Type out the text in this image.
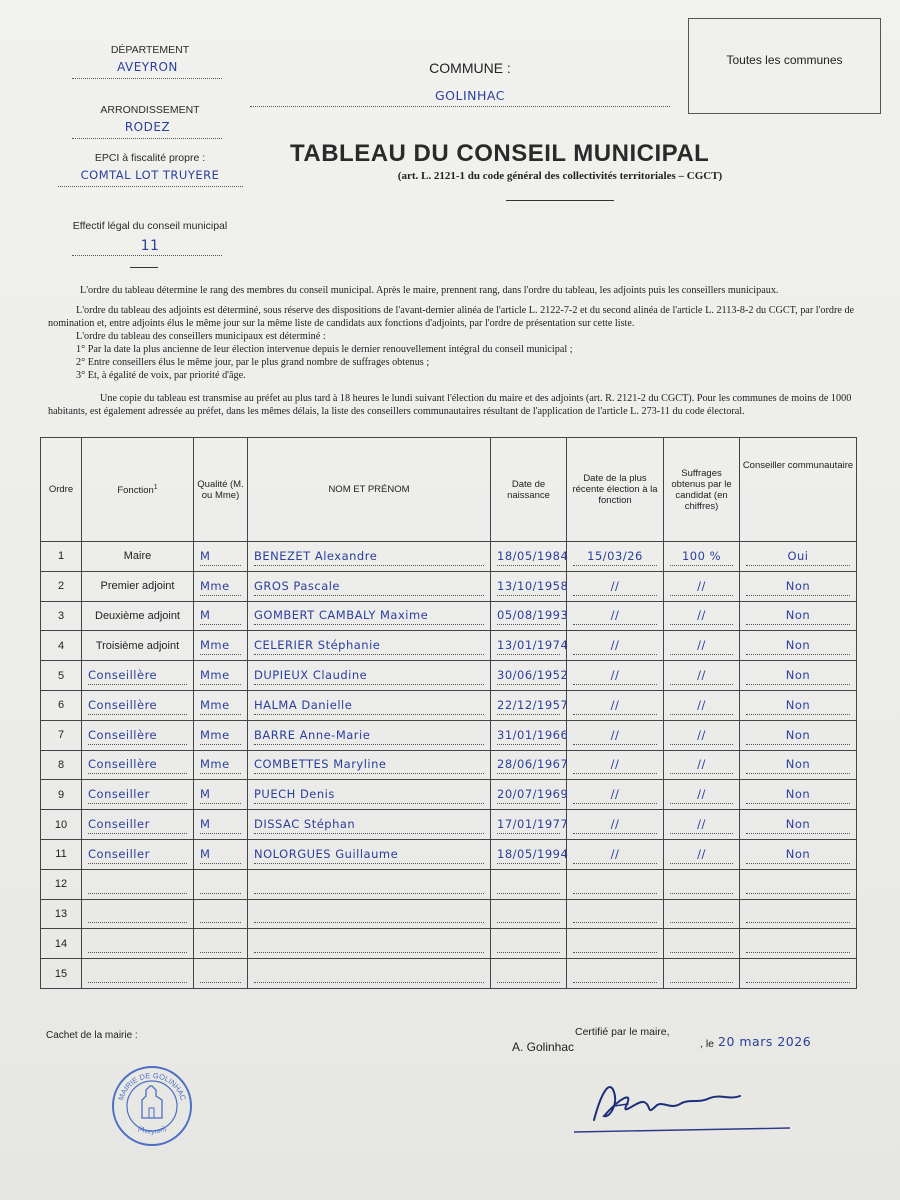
DÉPARTEMENT
AVEYRON
ARRONDISSEMENT
RODEZ
EPCI à fiscalité propre :
COMTAL LOT TRUYERE
Effectif légal du conseil municipal
11
COMMUNE :
GOLINHAC
Toutes les communes
TABLEAU DU CONSEIL MUNICIPAL
(art. L. 2121-1 du code général des collectivités territoriales – CGCT)
L'ordre du tableau détermine le rang des membres du conseil municipal. Après le maire, prennent rang, dans l'ordre du tableau, les adjoints puis les conseillers municipaux.
L'ordre du tableau des adjoints est déterminé, sous réserve des dispositions de l'avant-dernier alinéa de l'article L. 2122-7-2 et du second alinéa de l'article L. 2113-8-2 du CGCT, par l'ordre de nomination et, entre adjoints élus le même jour sur la même liste de candidats aux fonctions d'adjoints, par l'ordre de présentation sur cette liste.
L'ordre du tableau des conseillers municipaux est déterminé :
1° Par la date la plus ancienne de leur élection intervenue depuis le dernier renouvellement intégral du conseil municipal ;
2° Entre conseillers élus le même jour, par le plus grand nombre de suffrages obtenus ;
3° Et, à égalité de voix, par priorité d'âge.
Une copie du tableau est transmise au préfet au plus tard à 18 heures le lundi suivant l'élection du maire et des adjoints (art. R. 2121-2 du CGCT). Pour les communes de moins de 1000 habitants, est également adressée au préfet, dans les mêmes délais, la liste des conseillers communautaires résultant de l'application de l'article L. 273-11 du code électoral.
Ordre	Fonction$^1$	Qualité (M. ou Mme)	NOM ET PRÉNOM	Date de naissance	Date de la plus récente élection à la fonction	Suffrages obtenus par le candidat (en chiffres)	Conseiller communautaire
1	Maire	M	BENEZET Alexandre	18/05/1984	15/03/26	100 %	Oui

2	Premier adjoint	Mme	GROS Pascale	13/10/1958	//	//	Non

3	Deuxième adjoint	M	GOMBERT CAMBALY Maxime	05/08/1993	//	//	Non

4	Troisième adjoint	Mme	CELERIER Stéphanie	13/01/1974	//	//	Non

5	Conseillère	Mme	DUPIEUX Claudine	30/06/1952	//	//	Non

6	Conseillère	Mme	HALMA Danielle	22/12/1957	//	//	Non

7	Conseillère	Mme	BARRE Anne-Marie	31/01/1966	//	//	Non

8	Conseillère	Mme	COMBETTES Maryline	28/06/1967	//	//	Non

9	Conseiller	M	PUECH Denis	20/07/1969	//	//	Non

10	Conseiller	M	DISSAC Stéphan	17/01/1977	//	//	Non

11	Conseiller	M	NOLORGUES Guillaume	18/05/1994	//	//	Non

12	

13	

14	

15	

Cachet de la mairie :	Certifié par le maire,
A. Golinhac	, le 20 mars 2026
MAIRIE DE GOLINHAC
(Aveyron)
